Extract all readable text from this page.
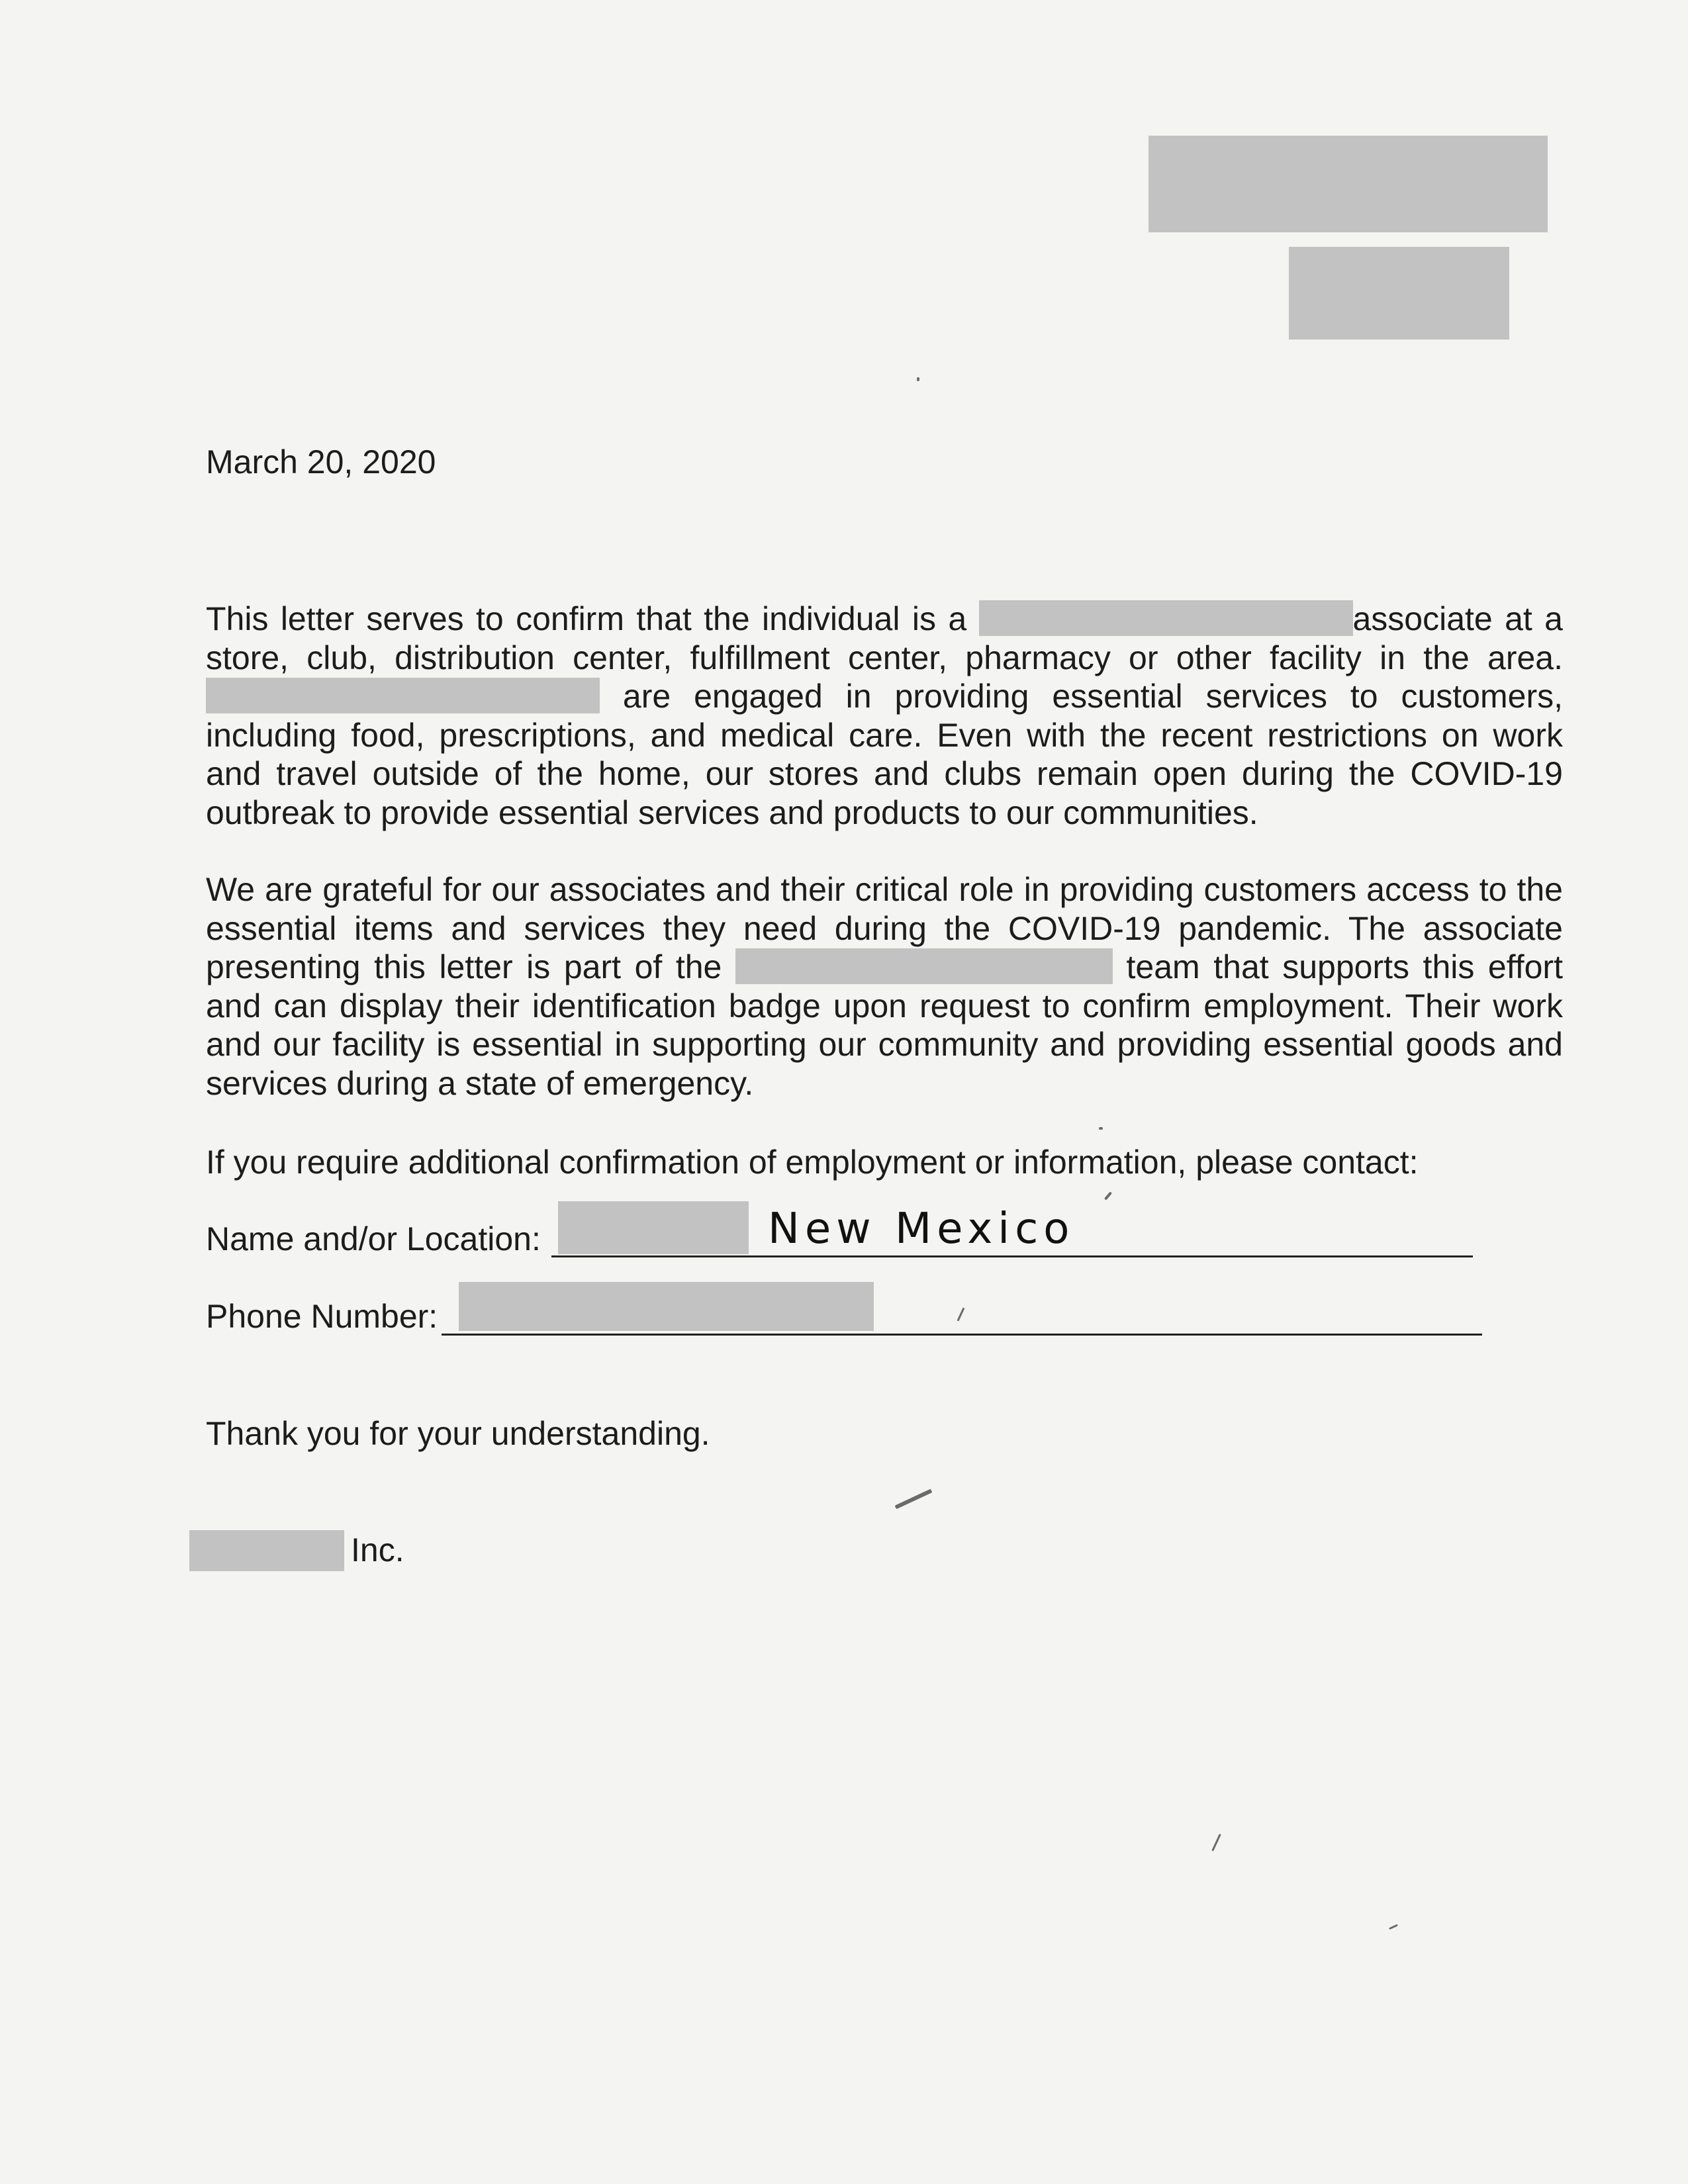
March 20, 2020

This letter serves to confirm that the individual is a	associate at a store, club, distribution center, fulfillment center, pharmacy or other facility in the area.  are engaged in providing essential services to customers, including food, prescriptions, and medical care. Even with the recent restrictions on work and travel outside of the home, our stores and clubs remain open during the COVID-19 outbreak to provide essential services and products to our communities.

We are grateful for our associates and their critical role in providing customers access to the essential items and services they need during the COVID-19 pandemic. The associate presenting this letter is part of the	team that supports this effort and can display their identification badge upon request to confirm employment. Their work and our facility is essential in supporting our community and providing essential goods and services during a state of emergency.

If you require additional confirmation of employment or information, please contact:

Name and/or Location:	New Mexico

Phone Number:

Thank you for your understanding.

Inc.
